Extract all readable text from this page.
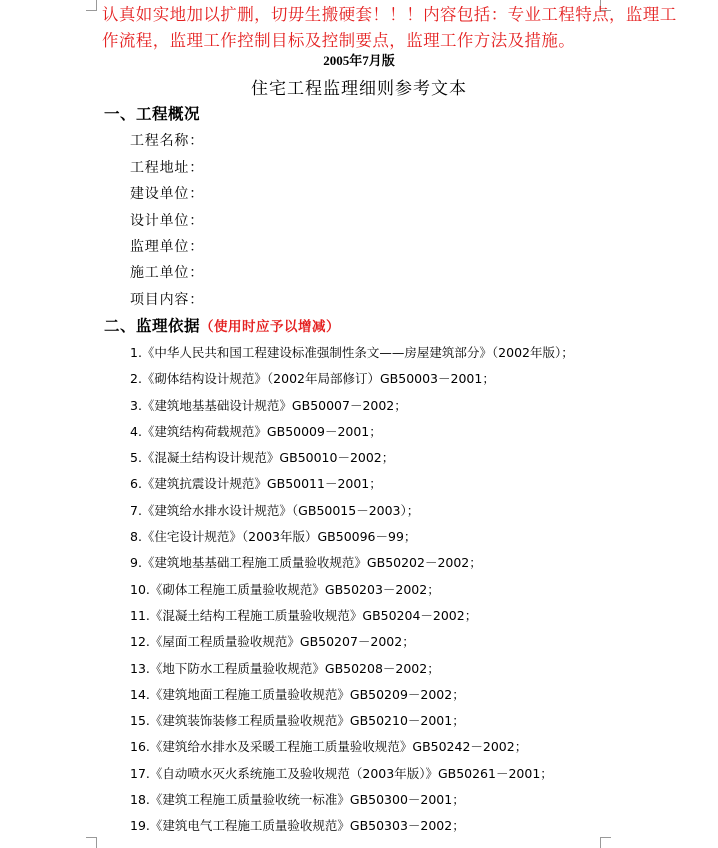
认真如实地加以扩删，切毋生搬硬套！！！内容包括：专业工程特点，监理工作流程，监理工作控制目标及控制要点，监理工作方法及措施。

2005年7月版
住宅工程监理细则参考文本
一、工程概况
工程名称：
工程地址：
建设单位：
设计单位：
监理单位：
施工单位：
项目内容：
二、监理依据（使用时应予以增减）
1.《中华人民共和国工程建设标准强制性条文——房屋建筑部分》（2002年版）；
2.《砌体结构设计规范》（2002年局部修订）GB50003－2001；
3.《建筑地基基础设计规范》GB50007－2002；
4.《建筑结构荷载规范》GB50009－2001；
5.《混凝土结构设计规范》GB50010－2002；
6.《建筑抗震设计规范》GB50011－2001；
7.《建筑给水排水设计规范》（GB50015－2003）；
8.《住宅设计规范》（2003年版）GB50096－99；
9.《建筑地基基础工程施工质量验收规范》GB50202－2002；
10.《砌体工程施工质量验收规范》GB50203－2002；
11.《混凝土结构工程施工质量验收规范》GB50204－2002；
12.《屋面工程质量验收规范》GB50207－2002；
13.《地下防水工程质量验收规范》GB50208－2002；
14.《建筑地面工程施工质量验收规范》GB50209－2002；
15.《建筑装饰装修工程质量验收规范》GB50210－2001；
16.《建筑给水排水及采暖工程施工质量验收规范》GB50242－2002；
17.《自动喷水灭火系统施工及验收规范（2003年版）》GB50261－2001；
18.《建筑工程施工质量验收统一标准》GB50300－2001；
19.《建筑电气工程施工质量验收规范》GB50303－2002；
